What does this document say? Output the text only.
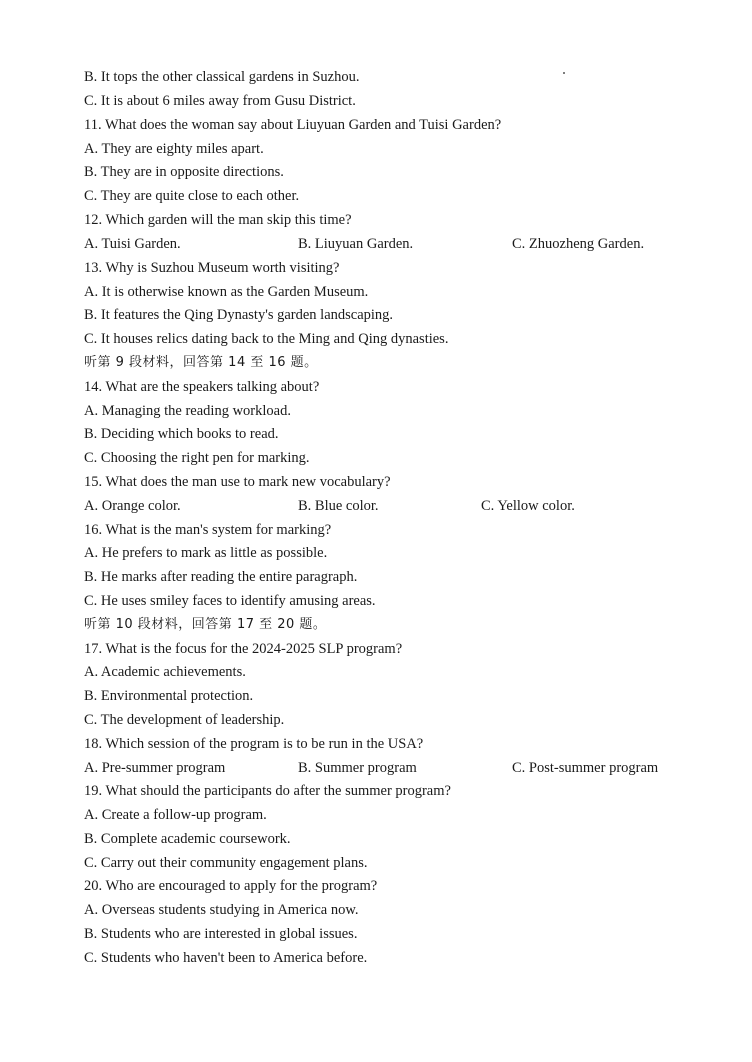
B. It tops the other classical gardens in Suzhou.
C. It is about 6 miles away from Gusu District.
11. What does the woman say about Liuyuan Garden and Tuisi Garden?
A. They are eighty miles apart.
B. They are in opposite directions.
C. They are quite close to each other.
12. Which garden will the man skip this time?
A. Tuisi Garden.	B. Liuyuan Garden.	C. Zhuozheng Garden.
13. Why is Suzhou Museum worth visiting?
A. It is otherwise known as the Garden Museum.
B. It features the Qing Dynasty's garden landscaping.
C. It houses relics dating back to the Ming and Qing dynasties.
听第 9 段材料，回答第 14 至 16 题。
14. What are the speakers talking about?
A. Managing the reading workload.
B. Deciding which books to read.
C. Choosing the right pen for marking.
15. What does the man use to mark new vocabulary?
A. Orange color.	B. Blue color.	C. Yellow color.
16. What is the man's system for marking?
A. He prefers to mark as little as possible.
B. He marks after reading the entire paragraph.
C. He uses smiley faces to identify amusing areas.
听第 10 段材料，回答第 17 至 20 题。
17. What is the focus for the 2024-2025 SLP program?
A. Academic achievements.
B. Environmental protection.
C. The development of leadership.
18. Which session of the program is to be run in the USA?
A. Pre-summer program	B. Summer program	C. Post-summer program
19. What should the participants do after the summer program?
A. Create a follow-up program.
B. Complete academic coursework.
C. Carry out their community engagement plans.
20. Who are encouraged to apply for the program?
A. Overseas students studying in America now.
B. Students who are interested in global issues.
C. Students who haven't been to America before.
